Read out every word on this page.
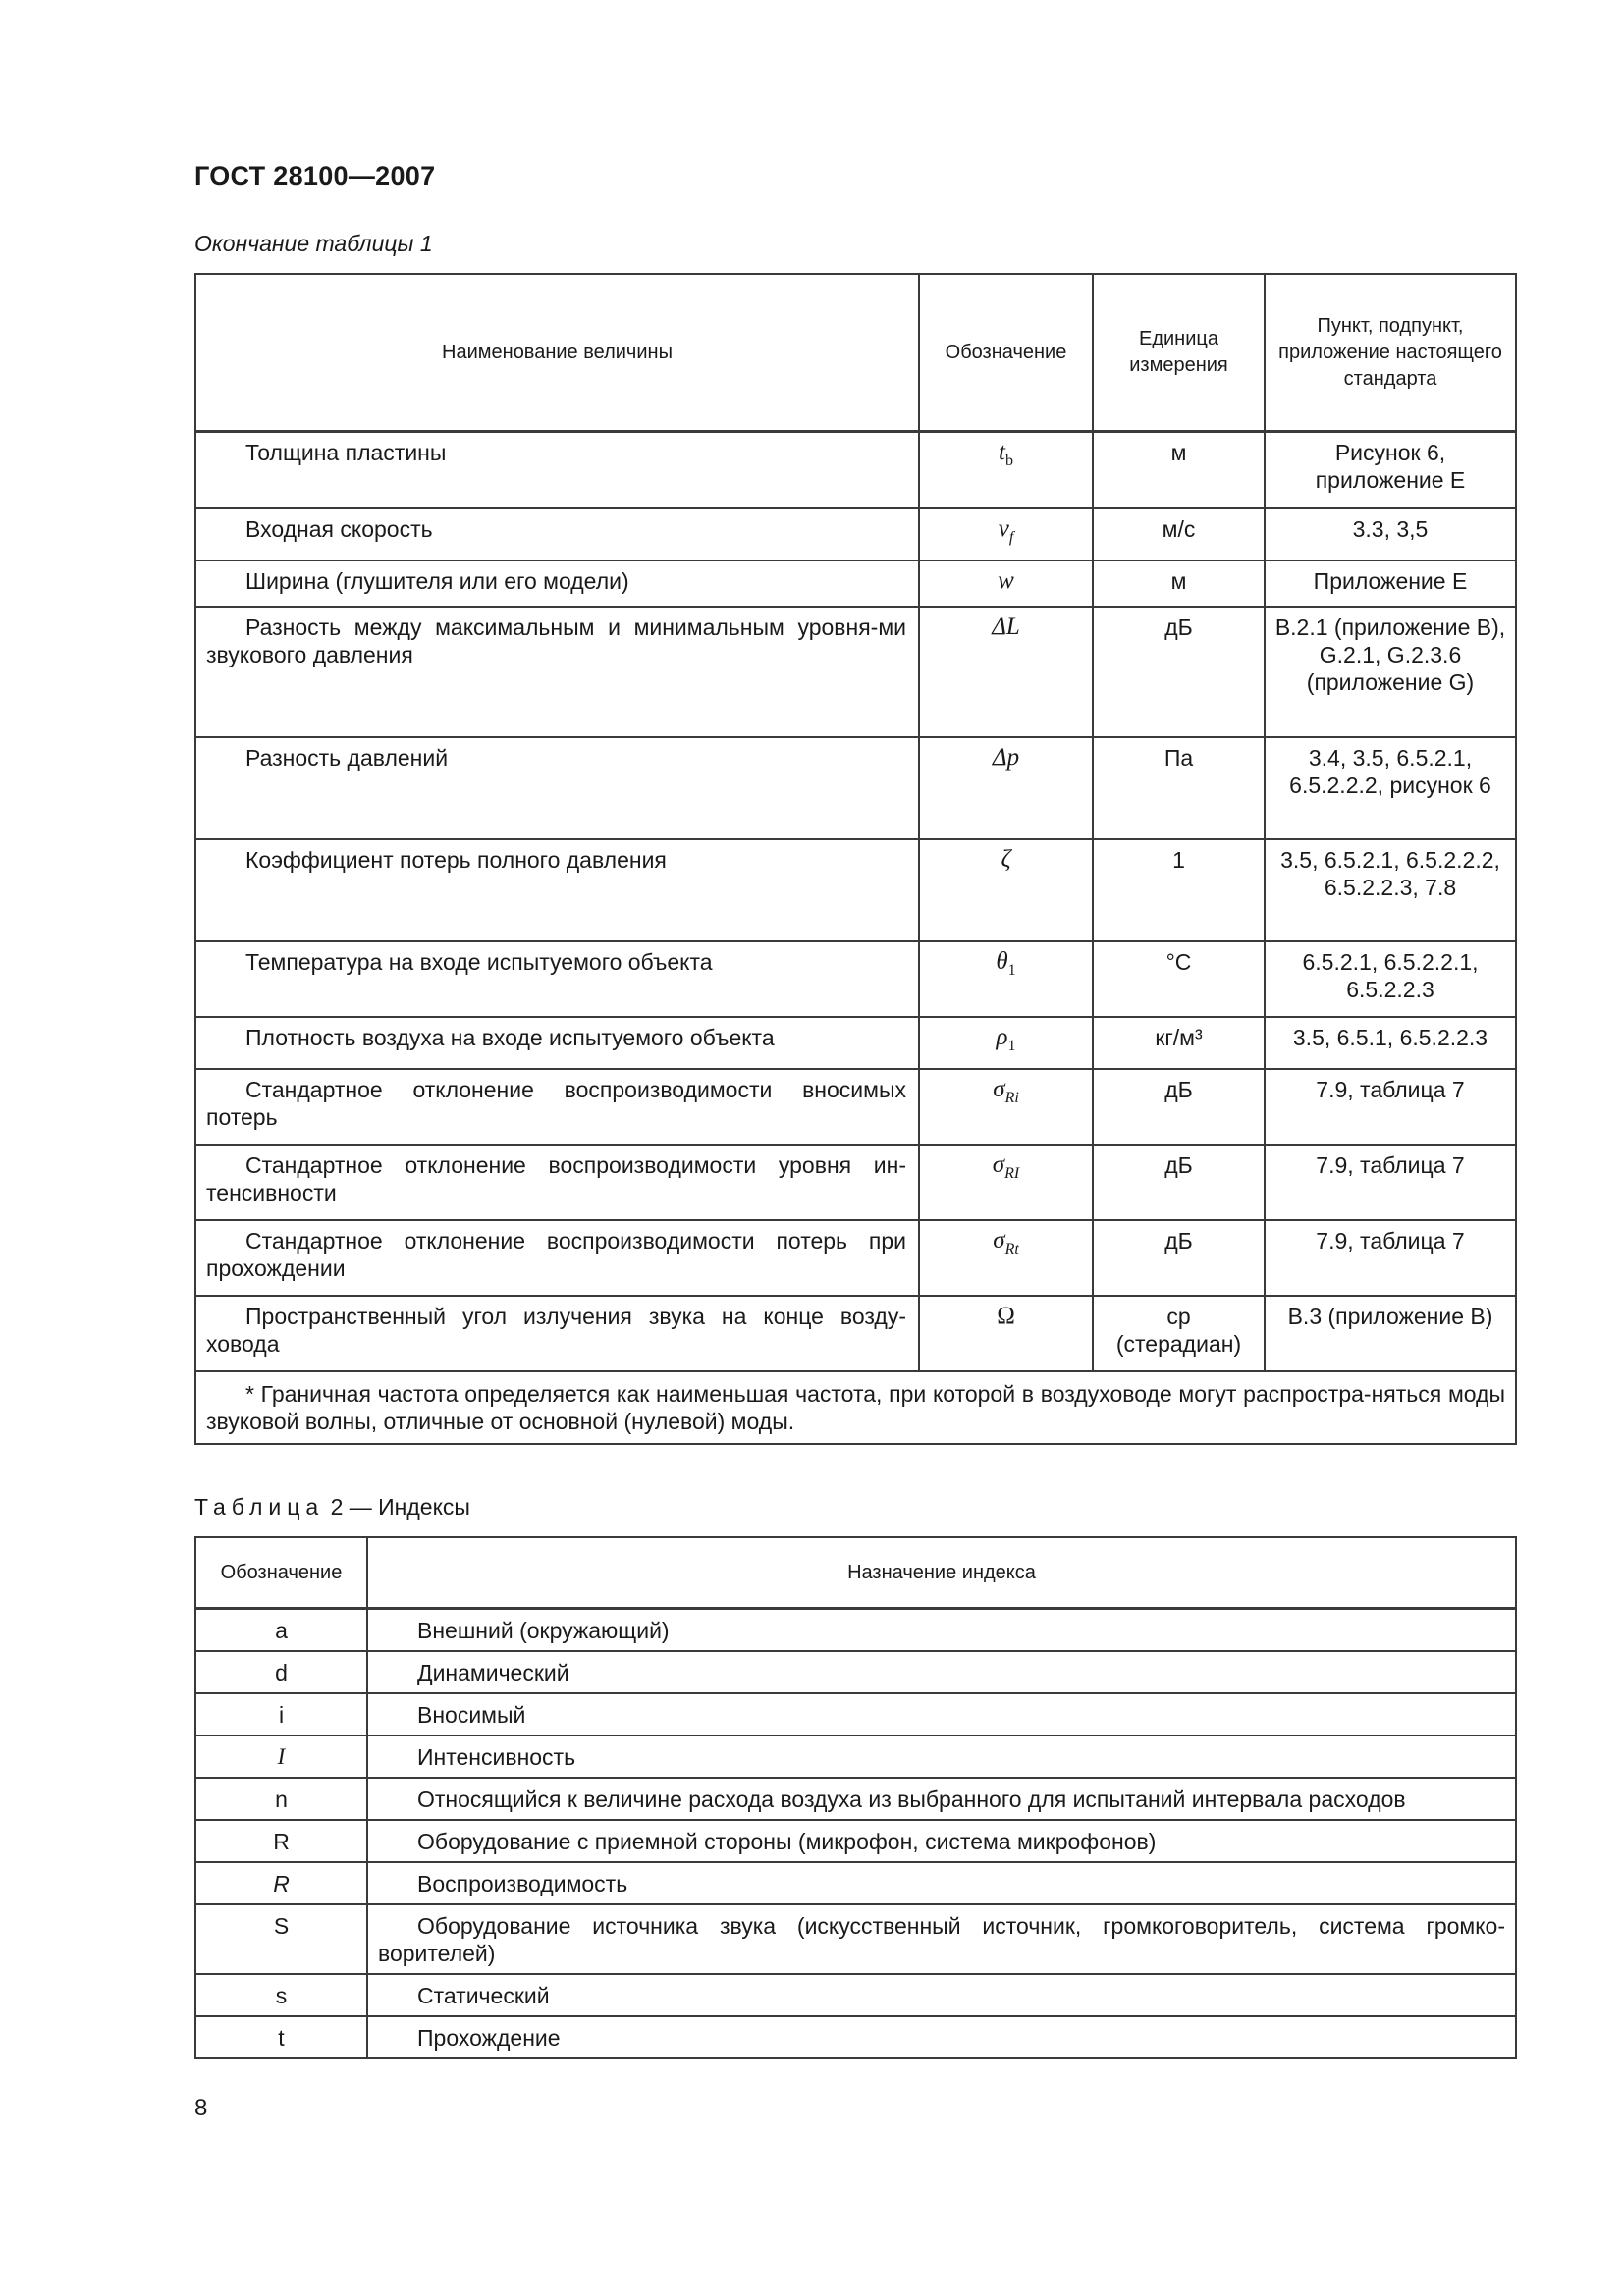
ГОСТ 28100—2007
Окончание таблицы 1
Наименование величины	Обозначение	Единица измерения	Пункт, подпункт, приложение настоящего стандарта
Толщина пластины	$t_b$	м	Рисунок 6, приложение E
Входная скорость	$v_f$	м/с	3.3, 3,5
Ширина (глушителя или его модели)	w	м	Приложение E
Разность между максимальным и минимальным уровня-ми звукового давления	ΔL	дБ	B.2.1 (приложение B), G.2.1, G.2.3.6 (приложение G)
Разность давлений	Δp	Па	3.4, 3.5, 6.5.2.1, 6.5.2.2.2, рисунок 6
Коэффициент потерь полного давления	ζ	1	3.5, 6.5.2.1, 6.5.2.2.2, 6.5.2.2.3, 7.8
Температура на входе испытуемого объекта	$\theta_1$	°C	6.5.2.1, 6.5.2.2.1, 6.5.2.2.3
Плотность воздуха на входе испытуемого объекта	$\rho_1$	кг/м³	3.5, 6.5.1, 6.5.2.2.3
Стандартное отклонение воспроизводимости вносимых потерь	$\sigma_{Ri}$	дБ	7.9, таблица 7
Стандартное отклонение воспроизводимости уровня ин-тенсивности	$\sigma_{RI}$	дБ	7.9, таблица 7
Стандартное отклонение воспроизводимости потерь при прохождении	$\sigma_{Rt}$	дБ	7.9, таблица 7
Пространственный угол излучения звука на конце возду-ховода	Ω	ср (стерадиан)	B.3 (приложение B)
* Граничная частота определяется как наименьшая частота, при которой в воздуховоде могут распростра-няться моды звуковой волны, отличные от основной (нулевой) моды.			
Таблица 2 — Индексы
Обозначение	Назначение индекса
a	Внешний (окружающий)
d	Динамический
i	Вносимый
I	Интенсивность
n	Относящийся к величине расхода воздуха из выбранного для испытаний интервала расходов
R	Оборудование с приемной стороны (микрофон, система микрофонов)
R	Воспроизводимость
S	Оборудование источника звука (искусственный источник, громкоговоритель, система громко-ворителей)
s	Статический
t	Прохождение
8
